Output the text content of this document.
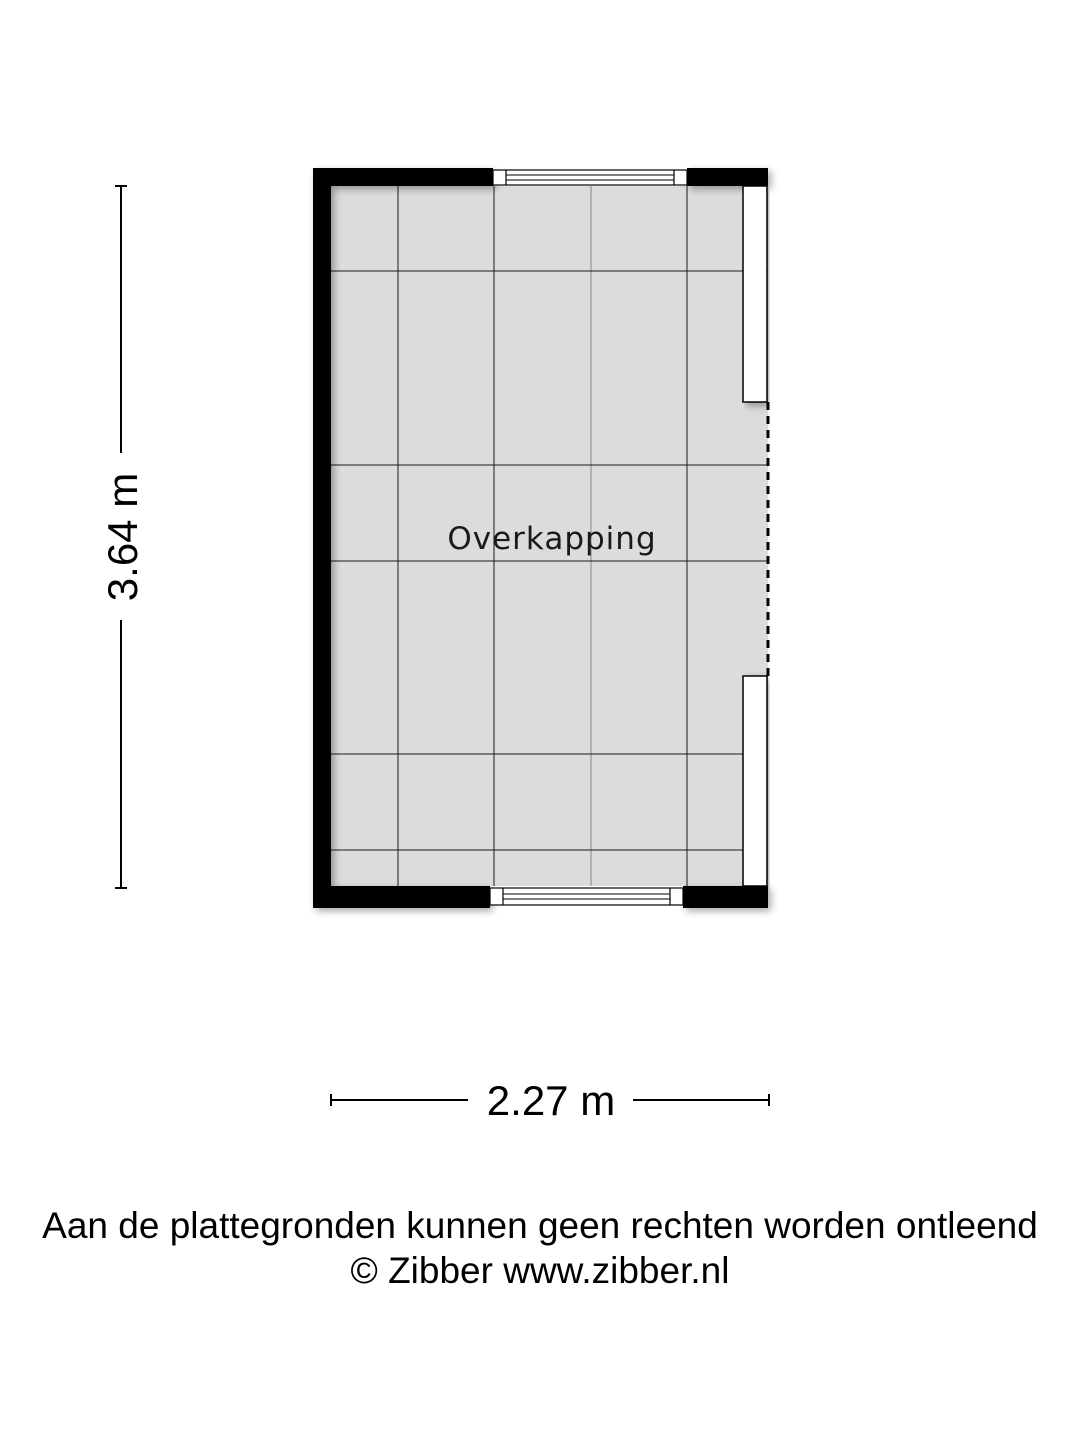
Overkapping
3.64 m
2.27 m
Aan de plattegronden kunnen geen rechten worden ontleend
© Zibber www.zibber.nl
